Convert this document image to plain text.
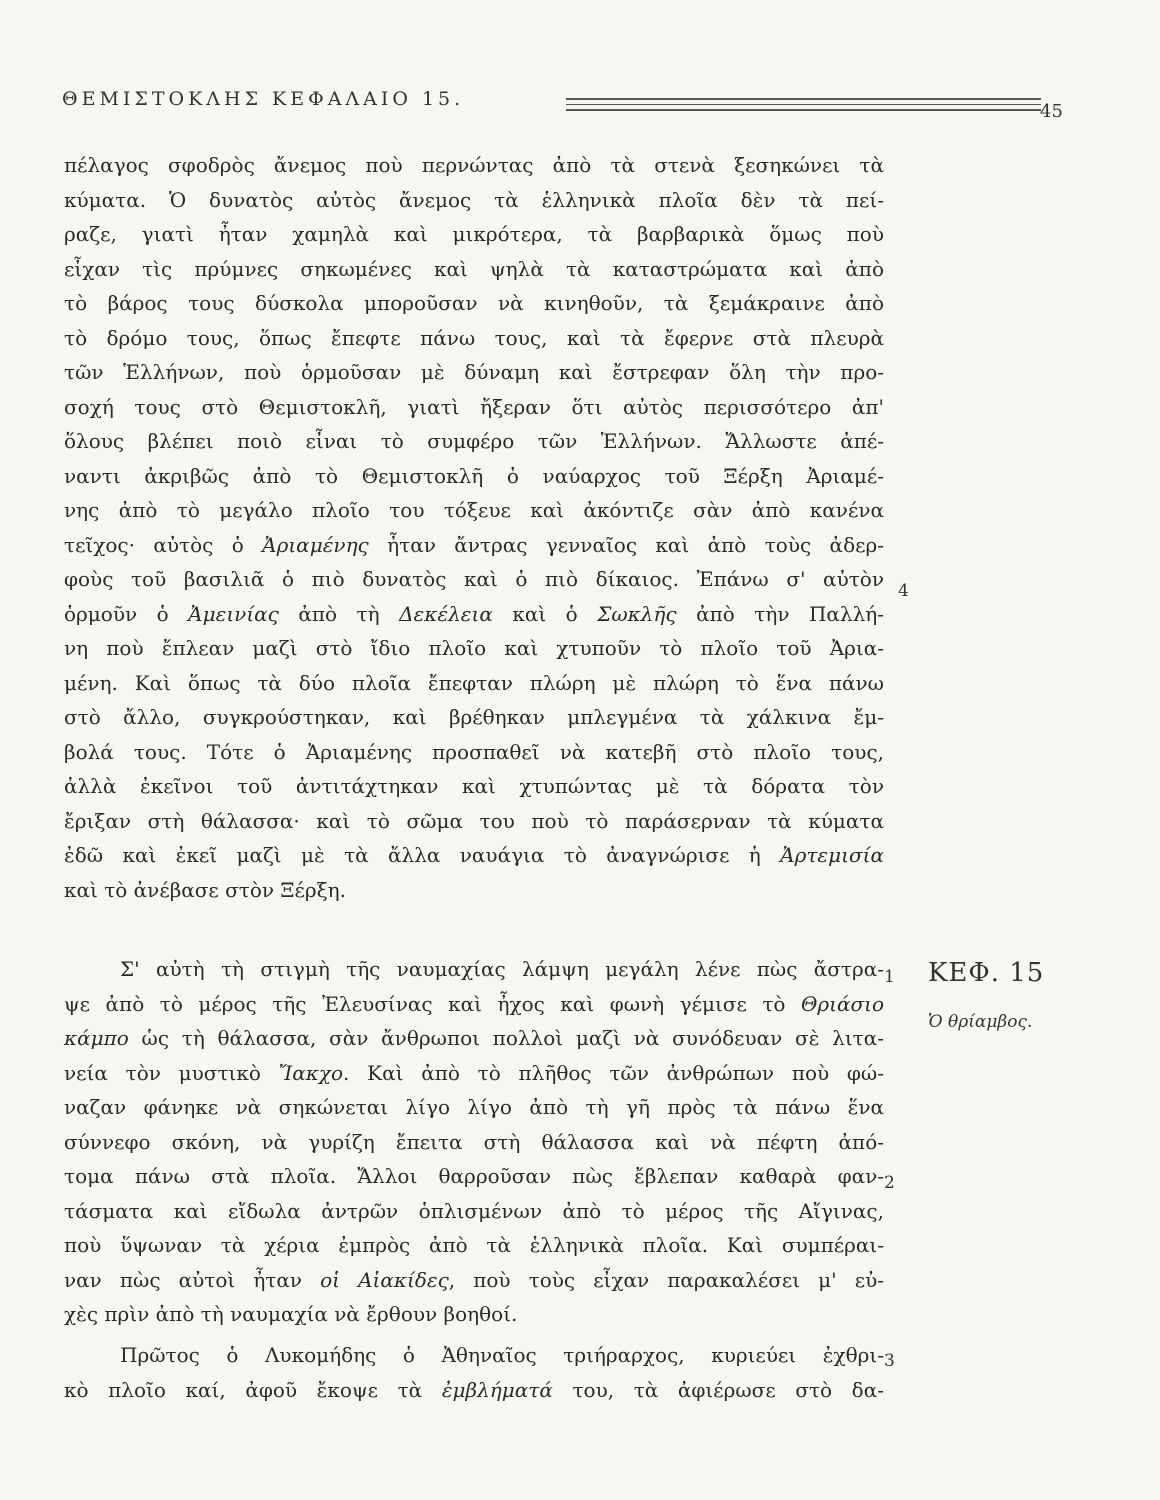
ΘΕΜΙΣΤΟΚΛΗΣ ΚΕΦΑΛΑΙΟ 15.
45
πέλαγος σφοδρὸς ἄνεμος ποὺ περνώντας ἀπὸ τὰ στενὰ ξεσηκώνει τὰ
κύματα. Ὁ δυνατὸς αὐτὸς ἄνεμος τὰ ἑλληνικὰ πλοῖα δὲν τὰ πεί-
ραζε, γιατὶ ἦταν χαμηλὰ καὶ μικρότερα, τὰ βαρβαρικὰ ὅμως ποὺ
εἶχαν τὶς πρύμνες σηκωμένες καὶ ψηλὰ τὰ καταστρώματα καὶ ἀπὸ
τὸ βάρος τους δύσκολα μποροῦσαν νὰ κινηθοῦν, τὰ ξεμάκραινε ἀπὸ
τὸ δρόμο τους, ὅπως ἔπεφτε πάνω τους, καὶ τὰ ἔφερνε στὰ πλευρὰ
τῶν Ἑλλήνων, ποὺ ὁρμοῦσαν μὲ δύναμη καὶ ἔστρεφαν ὅλη τὴν προ-
σοχή τους στὸ Θεμιστοκλῆ, γιατὶ ἤξεραν ὅτι αὐτὸς περισσότερο ἀπ'
ὅλους βλέπει ποιὸ εἶναι τὸ συμφέρο τῶν Ἑλλήνων. Ἄλλωστε ἀπέ-
ναντι ἀκριβῶς ἀπὸ τὸ Θεμιστοκλῆ ὁ ναύαρχος τοῦ Ξέρξη Ἀριαμέ-
νης ἀπὸ τὸ μεγάλο πλοῖο του τόξευε καὶ ἀκόντιζε σὰν ἀπὸ κανένα
τεῖχος· αὐτὸς ὁ Ἀριαμένης ἦταν ἄντρας γενναῖος καὶ ἀπὸ τοὺς ἀδερ-
φοὺς τοῦ βασιλιᾶ ὁ πιὸ δυνατὸς καὶ ὁ πιὸ δίκαιος. Ἐπάνω σ' αὐτὸν
ὁρμοῦν ὁ Ἀμεινίας ἀπὸ τὴ Δεκέλεια καὶ ὁ Σωκλῆς ἀπὸ τὴν Παλλή-
νη ποὺ ἔπλεαν μαζὶ στὸ ἴδιο πλοῖο καὶ χτυποῦν τὸ πλοῖο τοῦ Ἀρια-
μένη. Καὶ ὅπως τὰ δύο πλοῖα ἔπεφταν πλώρη μὲ πλώρη τὸ ἕνα πάνω
στὸ ἄλλο, συγκρούστηκαν, καὶ βρέθηκαν μπλεγμένα τὰ χάλκινα ἔμ-
βολά τους. Τότε ὁ Ἀριαμένης προσπαθεῖ νὰ κατεβῆ στὸ πλοῖο τους,
ἀλλὰ ἐκεῖνοι τοῦ ἀντιτάχτηκαν καὶ χτυπώντας μὲ τὰ δόρατα τὸν
ἔριξαν στὴ θάλασσα· καὶ τὸ σῶμα του ποὺ τὸ παράσερναν τὰ κύματα
ἐδῶ καὶ ἐκεῖ μαζὶ μὲ τὰ ἄλλα ναυάγια τὸ ἀναγνώρισε ἡ Ἀρτεμισία
καὶ τὸ ἀνέβασε στὸν Ξέρξη.
Σ' αὐτὴ τὴ στιγμὴ τῆς ναυμαχίας λάμψη μεγάλη λένε πὼς ἄστρα-
ψε ἀπὸ τὸ μέρος τῆς Ἐλευσίνας καὶ ἦχος καὶ φωνὴ γέμισε τὸ Θριάσιο
κάμπο ὡς τὴ θάλασσα, σὰν ἄνθρωποι πολλοὶ μαζὶ νὰ συνόδευαν σὲ λιτα-
νεία τὸν μυστικὸ Ἴακχο. Καὶ ἀπὸ τὸ πλῆθος τῶν ἀνθρώπων ποὺ φώ-
ναζαν φάνηκε νὰ σηκώνεται λίγο λίγο ἀπὸ τὴ γῆ πρὸς τὰ πάνω ἕνα
σύννεφο σκόνη, νὰ γυρίζη ἔπειτα στὴ θάλασσα καὶ νὰ πέφτη ἀπό-
τομα πάνω στὰ πλοῖα. Ἄλλοι θαρροῦσαν πὼς ἔβλεπαν καθαρὰ φαν-
τάσματα καὶ εἴδωλα ἀντρῶν ὁπλισμένων ἀπὸ τὸ μέρος τῆς Αἴγινας,
ποὺ ὕψωναν τὰ χέρια ἐμπρὸς ἀπὸ τὰ ἑλληνικὰ πλοῖα. Καὶ συμπέραι-
ναν πὼς αὐτοὶ ἦταν οἱ Αἰακίδες, ποὺ τοὺς εἶχαν παρακαλέσει μ' εὐ-
χὲς πρὶν ἀπὸ τὴ ναυμαχία νὰ ἔρθουν βοηθοί.
Πρῶτος ὁ Λυκομήδης ὁ Ἀθηναῖος τριήραρχος, κυριεύει ἐχθρι-
κὸ πλοῖο καί, ἀφοῦ ἔκοψε τὰ ἐμβλήματά του, τὰ ἀφιέρωσε στὸ δα-
4
1
2
3
ΚΕΦ. 15
Ὁ θρίαμβος.
